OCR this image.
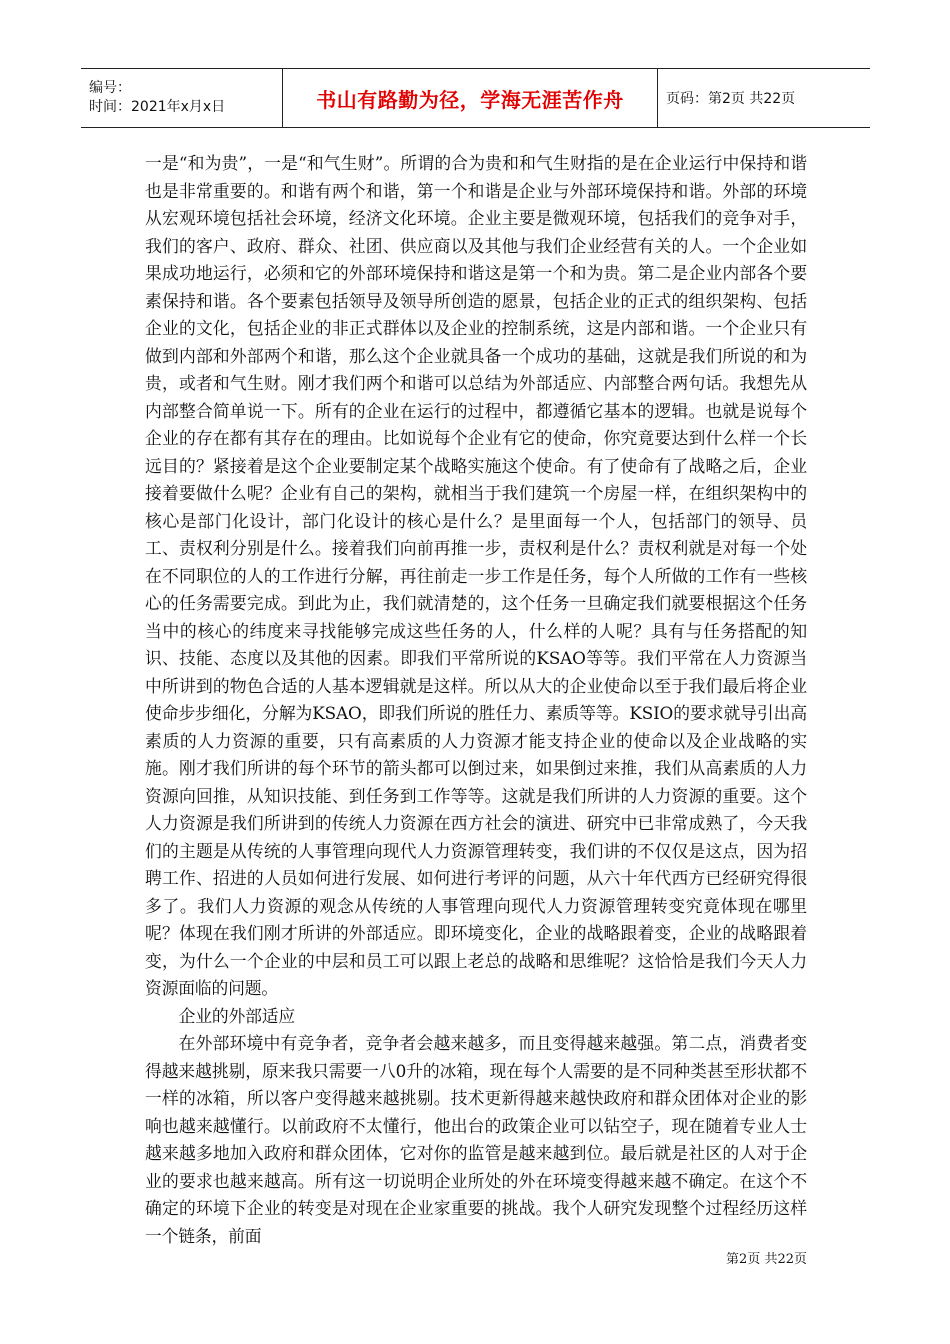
编号：
时间：2021年x月x日	书山有路勤为径，学海无涯苦作舟	页码：第2页 共22页

一是“和为贵”，一是“和气生财”。所谓的合为贵和和气生财指的是在企业运行中保持和谐也是非常重要的。和谐有两个和谐，第一个和谐是企业与外部环境保持和谐。外部的环境从宏观环境包括社会环境，经济文化环境。企业主要是微观环境，包括我们的竞争对手，我们的客户、政府、群众、社团、供应商以及其他与我们企业经营有关的人。一个企业如果成功地运行，必须和它的外部环境保持和谐这是第一个和为贵。第二是企业内部各个要素保持和谐。各个要素包括领导及领导所创造的愿景，包括企业的正式的组织架构、包括企业的文化，包括企业的非正式群体以及企业的控制系统，这是内部和谐。一个企业只有做到内部和外部两个和谐，那么这个企业就具备一个成功的基础，这就是我们所说的和为贵，或者和气生财。刚才我们两个和谐可以总结为外部适应、内部整合两句话。我想先从内部整合简单说一下。所有的企业在运行的过程中，都遵循它基本的逻辑。也就是说每个企业的存在都有其存在的理由。比如说每个企业有它的使命，你究竟要达到什么样一个长远目的？紧接着是这个企业要制定某个战略实施这个使命。有了使命有了战略之后，企业接着要做什么呢？企业有自己的架构，就相当于我们建筑一个房屋一样，在组织架构中的核心是部门化设计，部门化设计的核心是什么？是里面每一个人，包括部门的领导、员工、责权利分别是什么。接着我们向前再推一步，责权利是什么？责权利就是对每一个处在不同职位的人的工作进行分解，再往前走一步工作是任务，每个人所做的工作有一些核心的任务需要完成。到此为止，我们就清楚的，这个任务一旦确定我们就要根据这个任务当中的核心的纬度来寻找能够完成这些任务的人，什么样的人呢？具有与任务搭配的知识、技能、态度以及其他的因素。即我们平常所说的KSAO等等。我们平常在人力资源当中所讲到的物色合适的人基本逻辑就是这样。所以从大的企业使命以至于我们最后将企业使命步步细化，分解为KSAO，即我们所说的胜任力、素质等等。KSIO的要求就导引出高素质的人力资源的重要，只有高素质的人力资源才能支持企业的使命以及企业战略的实施。刚才我们所讲的每个环节的箭头都可以倒过来，如果倒过来推，我们从高素质的人力资源向回推，从知识技能、到任务到工作等等。这就是我们所讲的人力资源的重要。这个人力资源是我们所讲到的传统人力资源在西方社会的演进、研究中已非常成熟了，今天我们的主题是从传统的人事管理向现代人力资源管理转变，我们讲的不仅仅是这点，因为招聘工作、招进的人员如何进行发展、如何进行考评的问题，从六十年代西方已经研究得很多了。我们人力资源的观念从传统的人事管理向现代人力资源管理转变究竟体现在哪里呢？体现在我们刚才所讲的外部适应。即环境变化，企业的战略跟着变，企业的战略跟着变，为什么一个企业的中层和员工可以跟上老总的战略和思维呢？这恰恰是我们今天人力资源面临的问题。

企业的外部适应

在外部环境中有竞争者，竞争者会越来越多，而且变得越来越强。第二点，消费者变得越来越挑剔，原来我只需要一八0升的冰箱，现在每个人需要的是不同种类甚至形状都不一样的冰箱，所以客户变得越来越挑剔。技术更新得越来越快政府和群众团体对企业的影响也越来越懂行。以前政府不太懂行，他出台的政策企业可以钻空子，现在随着专业人士越来越多地加入政府和群众团体，它对你的监管是越来越到位。最后就是社区的人对于企业的要求也越来越高。所有这一切说明企业所处的外在环境变得越来越不确定。在这个不确定的环境下企业的转变是对现在企业家重要的挑战。我个人研究发现整个过程经历这样一个链条，前面

第2页 共22页
